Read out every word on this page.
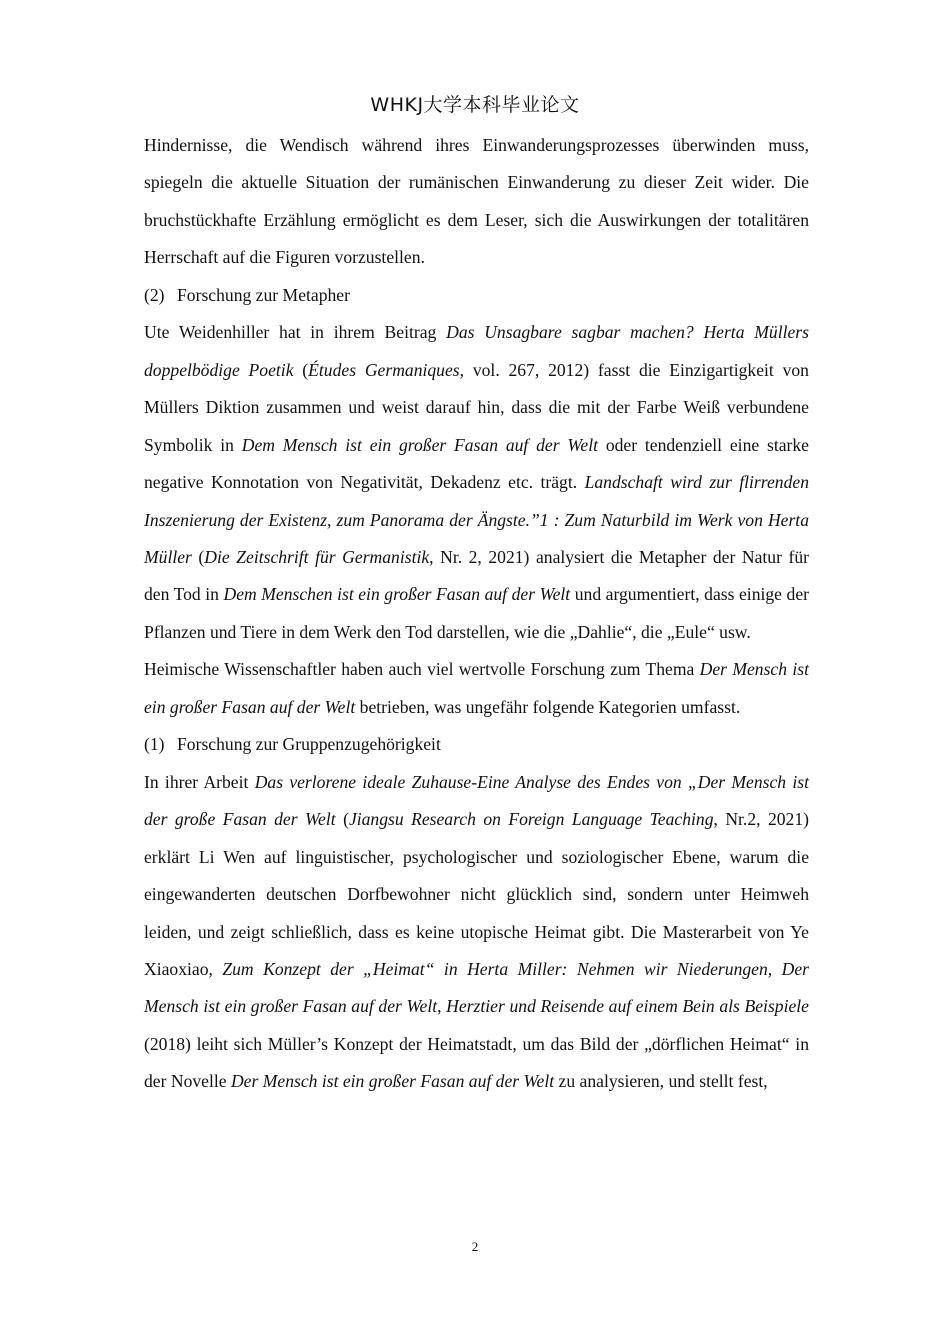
WHKJ大学本科毕业论文

Hindernisse, die Wendisch während ihres Einwanderungsprozesses überwinden muss, spiegeln die aktuelle Situation der rumänischen Einwanderung zu dieser Zeit wider. Die bruchstückhafte Erzählung ermöglicht es dem Leser, sich die Auswirkungen der totalitären Herrschaft auf die Figuren vorzustellen.

(2) Forschung zur Metapher

Ute Weidenhiller hat in ihrem Beitrag Das Unsagbare sagbar machen? Herta Müllers doppelbödige Poetik (Études Germaniques, vol. 267, 2012) fasst die Einzigartigkeit von Müllers Diktion zusammen und weist darauf hin, dass die mit der Farbe Weiß verbundene Symbolik in Dem Mensch ist ein großer Fasan auf der Welt oder tendenziell eine starke negative Konnotation von Negativität, Dekadenz etc. trägt. Landschaft wird zur flirrenden Inszenierung der Existenz, zum Panorama der Ängste.”1 : Zum Naturbild im Werk von Herta Müller (Die Zeitschrift für Germanistik, Nr. 2, 2021) analysiert die Metapher der Natur für den Tod in Dem Menschen ist ein großer Fasan auf der Welt und argumentiert, dass einige der Pflanzen und Tiere in dem Werk den Tod darstellen, wie die „Dahlie“, die „Eule“ usw.

Heimische Wissenschaftler haben auch viel wertvolle Forschung zum Thema Der Mensch ist ein großer Fasan auf der Welt betrieben, was ungefähr folgende Kategorien umfasst.

(1) Forschung zur Gruppenzugehörigkeit

In ihrer Arbeit Das verlorene ideale Zuhause-Eine Analyse des Endes von „Der Mensch ist der große Fasan der Welt (Jiangsu Research on Foreign Language Teaching, Nr.2, 2021) erklärt Li Wen auf linguistischer, psychologischer und soziologischer Ebene, warum die eingewanderten deutschen Dorfbewohner nicht glücklich sind, sondern unter Heimweh leiden, und zeigt schließlich, dass es keine utopische Heimat gibt. Die Masterarbeit von Ye Xiaoxiao, Zum Konzept der „Heimat“ in Herta Miller: Nehmen wir Niederungen, Der Mensch ist ein großer Fasan auf der Welt, Herztier und Reisende auf einem Bein als Beispiele (2018) leiht sich Müller’s Konzept der Heimatstadt, um das Bild der „dörflichen Heimat“ in der Novelle Der Mensch ist ein großer Fasan auf der Welt zu analysieren, und stellt fest,

2
